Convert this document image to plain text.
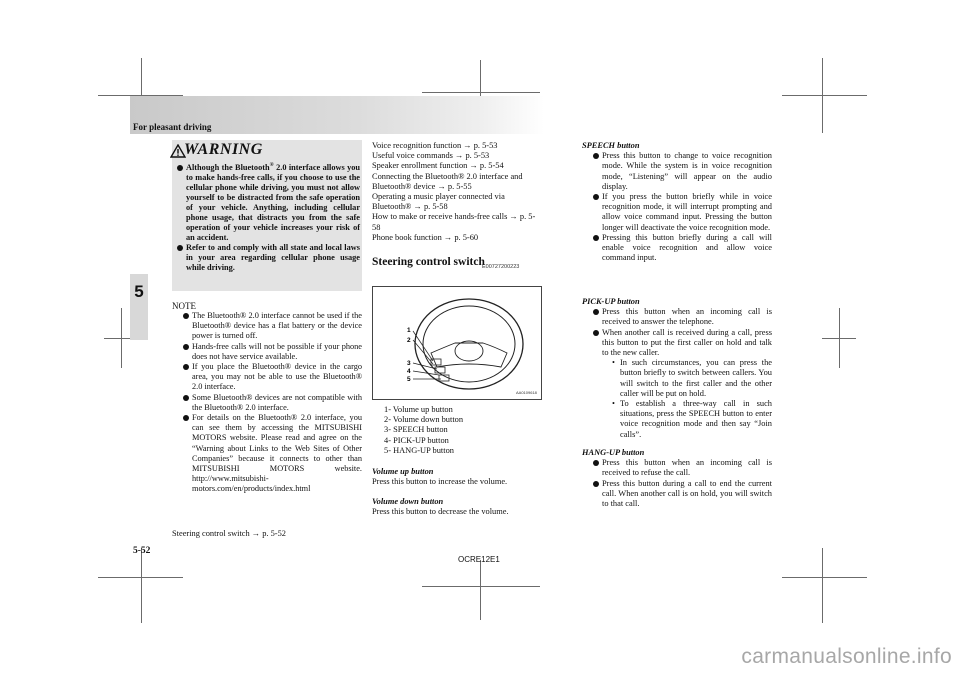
For pleasant driving
5
WARNING
Although the Bluetooth® 2.0 interface allows you to make hands-free calls, if you choose to use the cellular phone while driving, you must not allow yourself to be distracted from the safe operation of your vehicle. Anything, including cellular phone usage, that distracts you from the safe operation of your vehicle increases your risk of an accident.
Refer to and comply with all state and local laws in your area regarding cellular phone usage while driving.
NOTE
The Bluetooth® 2.0 interface cannot be used if the Bluetooth® device has a flat battery or the device power is turned off.
Hands-free calls will not be possible if your phone does not have service available.
If you place the Bluetooth® device in the cargo area, you may not be able to use the Bluetooth® 2.0 interface.
Some Bluetooth® devices are not compatible with the Bluetooth® 2.0 interface.
For details on the Bluetooth® 2.0 interface, you can see them by accessing the MITSUBISHI MOTORS website. Please read and agree on the “Warning about Links to the Web Sites of Other Companies” because it connects to other than MITSUBISHI MOTORS website. http://www.mitsubishi-motors.com/en/products/index.html
Steering control switch → p. 5-52

Voice recognition function → p. 5-53

Useful voice commands → p. 5-53

Speaker enrollment function → p. 5-54

Connecting the Bluetooth® 2.0 interface and Bluetooth® device → p. 5-55

Operating a music player connected via Bluetooth® → p. 5-58

How to make or receive hands-free calls → p. 5-58

Phone book function → p. 5-60

Steering control switch
E00727200223
1
2
3
4
5
AA0109618

1- Volume up button

2- Volume down button

3- SPEECH button

4- PICK-UP button

5- HANG-UP button

Volume up button

Press this button to increase the volume.

Volume down button

Press this button to decrease the volume.

SPEECH button

Press this button to change to voice recognition mode. While the system is in voice recognition mode, “Listening” will appear on the audio display.
If you press the button briefly while in voice recognition mode, it will interrupt prompting and allow voice command input. Pressing the button longer will deactivate the voice recognition mode.
Pressing this button briefly during a call will enable voice recognition and allow voice command input.

PICK-UP button

Press this button when an incoming call is received to answer the telephone.
When another call is received during a call, press this button to put the first caller on hold and talk to the new caller.
• In such circumstances, you can press the button briefly to switch between callers. You will switch to the first caller and the other caller will be put on hold.
• To establish a three-way call in such situations, press the SPEECH button to enter voice recognition mode and then say “Join calls”.

HANG-UP button

Press this button when an incoming call is received to refuse the call.
Press this button during a call to end the current call. When another call is on hold, you will switch to that call.
5-52
OCRE12E1
carmanualsonline.info
